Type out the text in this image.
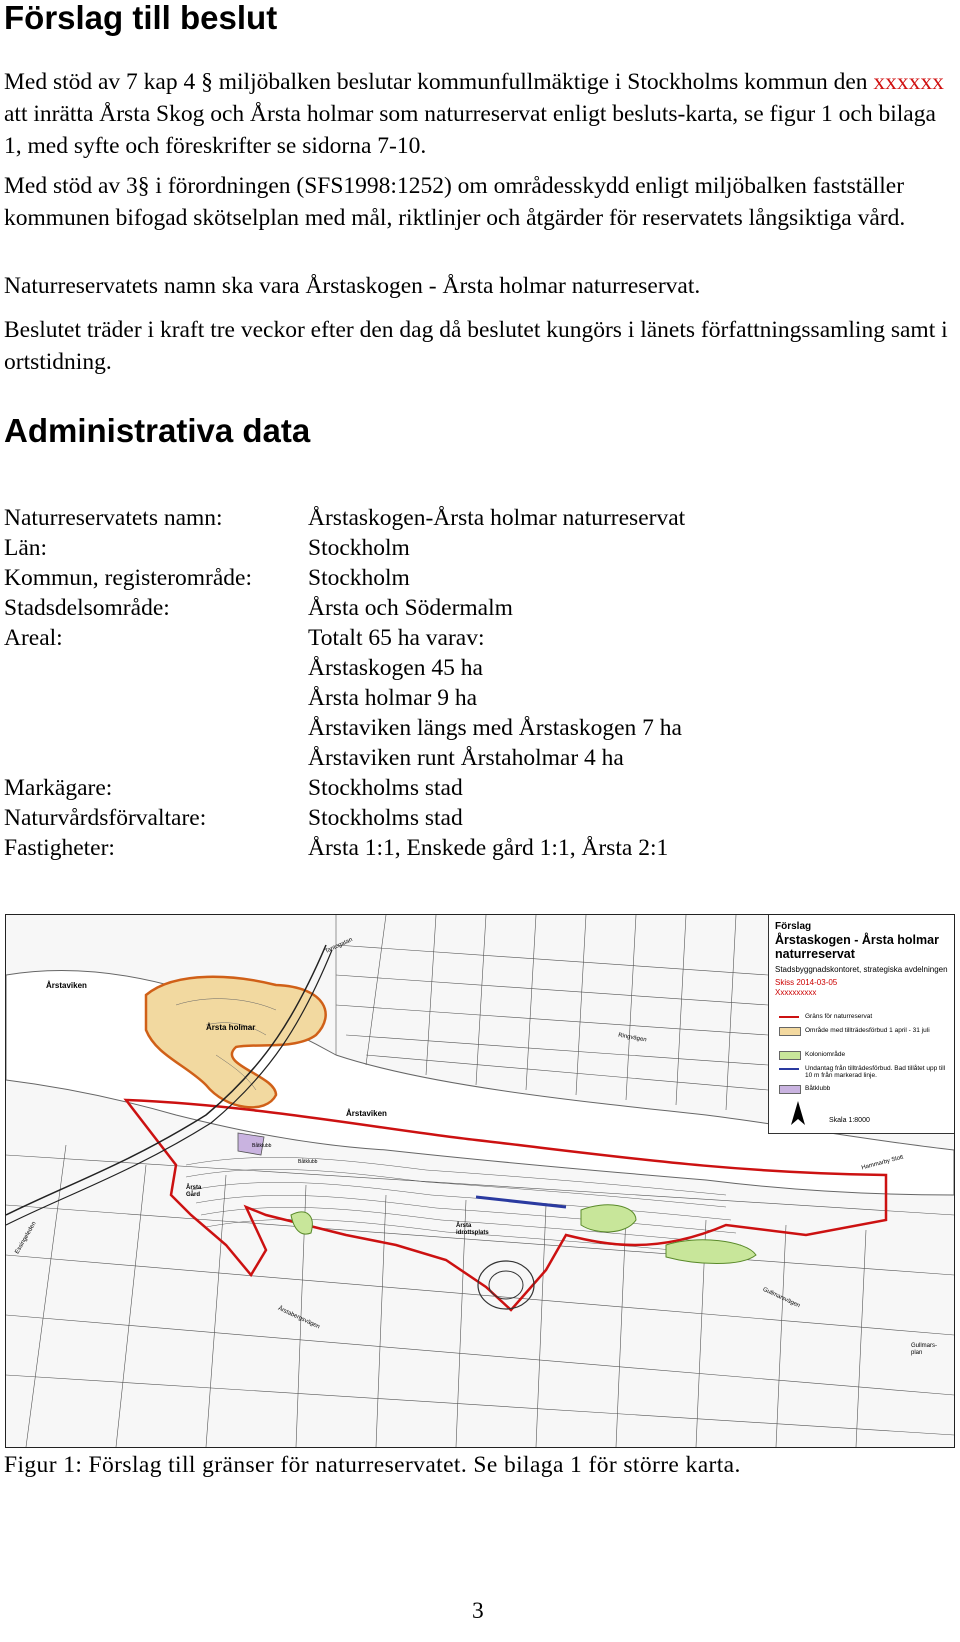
Förslag till beslut

Med stöd av 7 kap 4 § miljöbalken beslutar kommunfullmäktige i Stockholms kommun den xxxxxx att inrätta Årsta Skog och Årsta holmar som naturreservat enligt besluts-karta, se figur 1 och bilaga 1, med syfte och föreskrifter se sidorna 7-10.

Med stöd av 3§ i förordningen (SFS1998:1252) om områdesskydd enligt miljöbalken fastställer kommunen bifogad skötselplan med mål, riktlinjer och åtgärder för reservatets långsiktiga vård.

Naturreservatets namn ska vara Årstaskogen - Årsta holmar naturreservat.

Beslutet träder i kraft tre veckor efter den dag då beslutet kungörs i länets författningssamling samt i ortstidning.

Administrativa data
Naturreservatets namn:	Årstaskogen-Årsta holmar naturreservat
Län:	Stockholm
Kommun, registerområde: Stockholm
Stadsdelsområde:	Årsta och Södermalm
Areal:	Totalt 65 ha varav:
Årstaskogen 45 ha
Årsta holmar 9 ha
Årstaviken längs med Årstaskogen 7 ha
Årstaviken runt Årstaholmar 4 ha
Markägare:	Stockholms stad
Naturvårdsförvaltare:	Stockholms stad
Fastigheter:	Årsta 1:1, Enskede gård 1:1, Årsta 2:1
Årstaviken
Årsta holmar
Årstaviken
Årsta idrottsplats
Årsta Gård
Ringvägen
Tantogatan
Hammarby Slott
Båtklubb
Båtklubb
Gullmars- plan
Gullmarsvägen
Essingeleden
Årstabergsvägen
Förslag
Årstaskogen - Årsta holmar naturreservat
Stadsbyggnadskontoret, strategiska avdelningen
Skiss 2014-03-05
Xxxxxxxxxx
Gräns för naturreservat
Område med tillträdesförbud 1 april - 31 juli
Koloniområde
Undantag från tillträdesförbud. Bad tillåtet upp till 10 m från markerad linje.
Båtklubb
Skala 1:8000
Figur 1: Förslag till gränser för naturreservatet. Se bilaga 1 för större karta.
3
